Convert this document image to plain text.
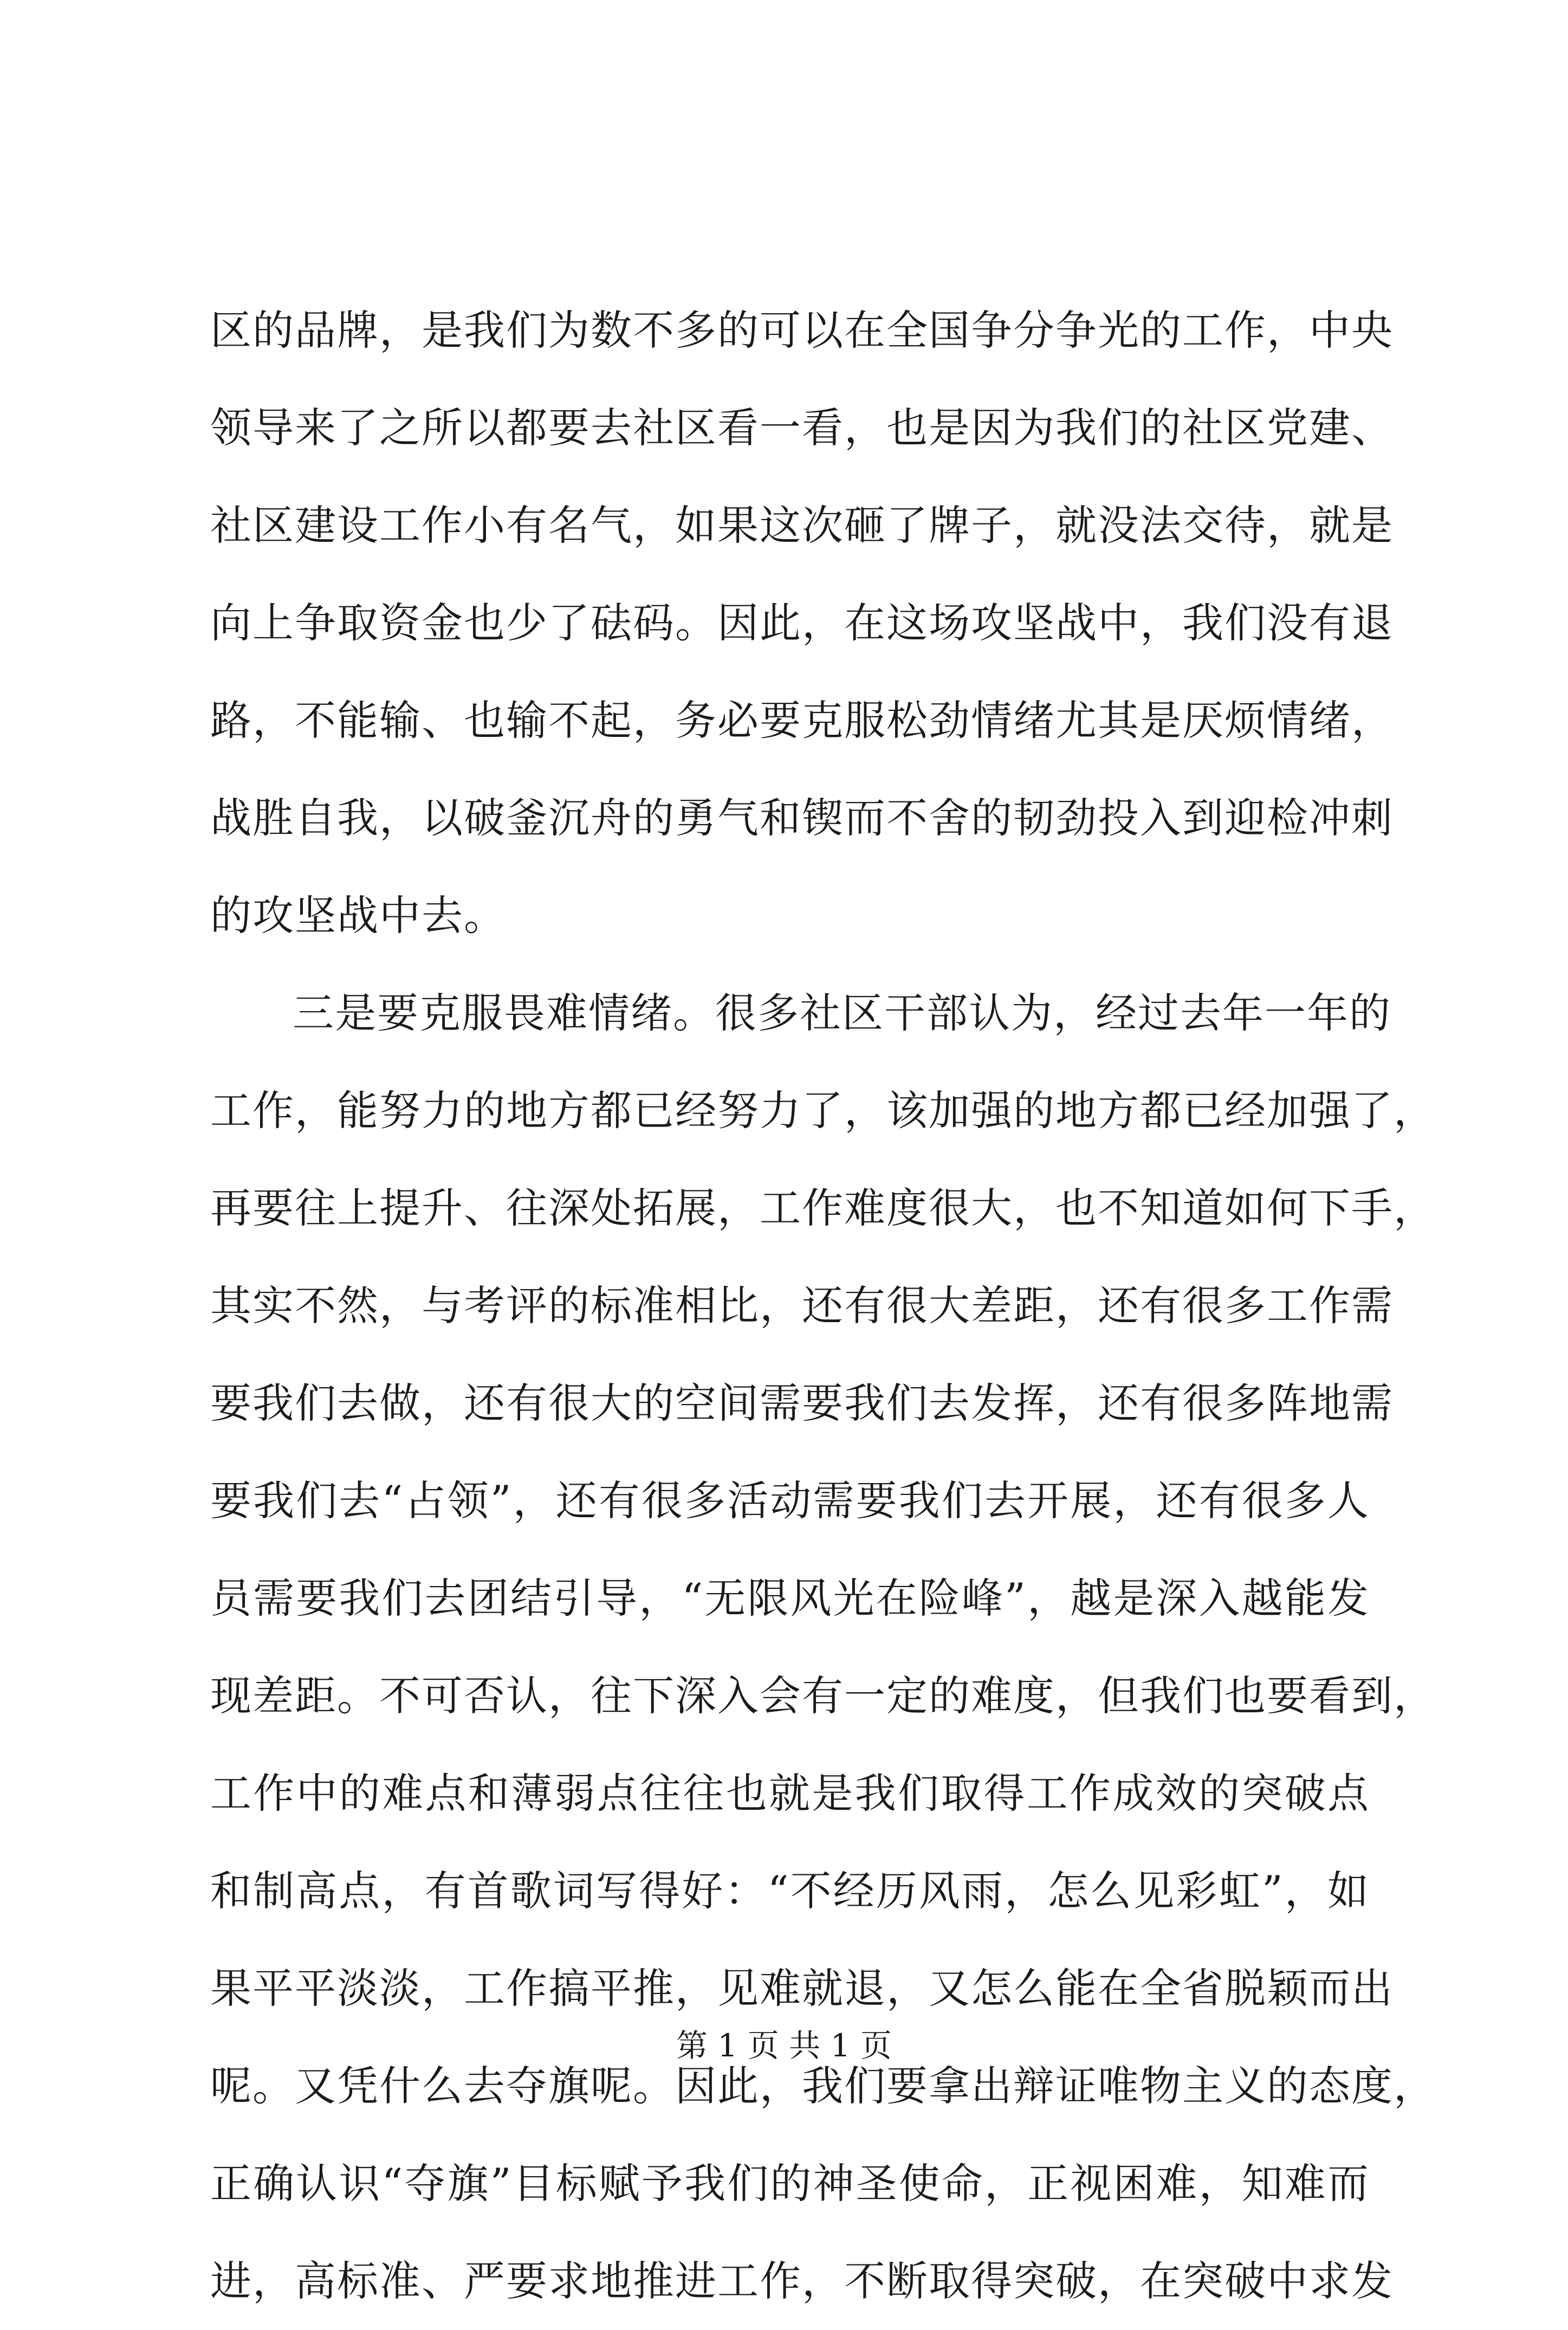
区的品牌，是我们为数不多的可以在全国争分争光的工作，中央
领导来了之所以都要去社区看一看，也是因为我们的社区党建、
社区建设工作小有名气，如果这次砸了牌子，就没法交待，就是
向上争取资金也少了砝码。因此，在这场攻坚战中，我们没有退
路，不能输、也输不起，务必要克服松劲情绪尤其是厌烦情绪，
战胜自我，以破釜沉舟的勇气和锲而不舍的韧劲投入到迎检冲刺
的攻坚战中去。
三是要克服畏难情绪。很多社区干部认为，经过去年一年的
工作，能努力的地方都已经努力了，该加强的地方都已经加强了，
再要往上提升、往深处拓展，工作难度很大，也不知道如何下手，
其实不然，与考评的标准相比，还有很大差距，还有很多工作需
要我们去做，还有很大的空间需要我们去发挥，还有很多阵地需
要我们去“占领”，还有很多活动需要我们去开展，还有很多人
员需要我们去团结引导，“无限风光在险峰”，越是深入越能发
现差距。不可否认，往下深入会有一定的难度，但我们也要看到，
工作中的难点和薄弱点往往也就是我们取得工作成效的突破点
和制高点，有首歌词写得好：“不经历风雨，怎么见彩虹”，如
果平平淡淡，工作搞平推，见难就退，又怎么能在全省脱颖而出
呢。又凭什么去夺旗呢。因此，我们要拿出辩证唯物主义的态度，
正确认识“夺旗”目标赋予我们的神圣使命，正视困难，知难而
进，高标准、严要求地推进工作，不断取得突破，在突破中求发
第 1 页 共 1 页
